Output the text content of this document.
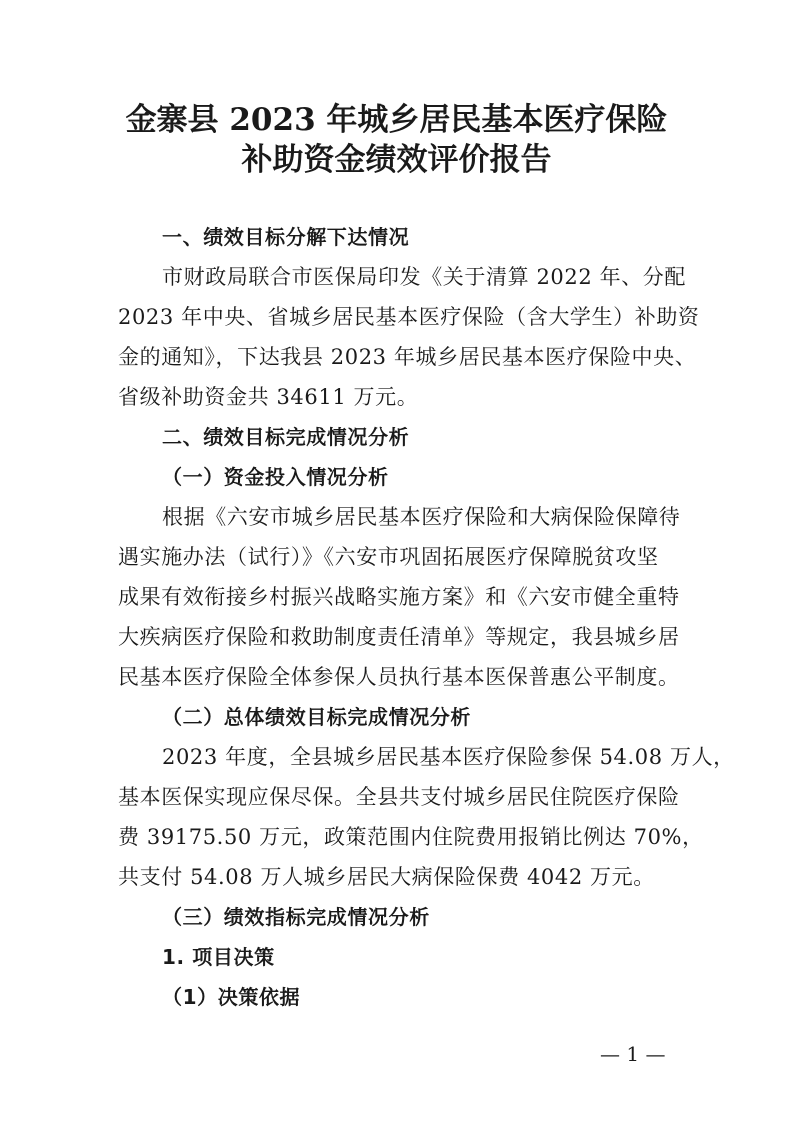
金寨县 2023 年城乡居民基本医疗保险
补助资金绩效评价报告
一、绩效目标分解下达情况
市财政局联合市医保局印发《关于清算 2022 年、分配
2023 年中央、省城乡居民基本医疗保险（含大学生）补助资
金的通知》，下达我县 2023 年城乡居民基本医疗保险中央、
省级补助资金共 34611 万元。
二、绩效目标完成情况分析
（一）资金投入情况分析
根据《六安市城乡居民基本医疗保险和大病保险保障待
遇实施办法（试行）》《六安市巩固拓展医疗保障脱贫攻坚
成果有效衔接乡村振兴战略实施方案》和《六安市健全重特
大疾病医疗保险和救助制度责任清单》等规定，我县城乡居
民基本医疗保险全体参保人员执行基本医保普惠公平制度。
（二）总体绩效目标完成情况分析
2023 年度，全县城乡居民基本医疗保险参保 54.08 万人，
基本医保实现应保尽保。全县共支付城乡居民住院医疗保险
费 39175.50 万元，政策范围内住院费用报销比例达 70%，
共支付 54.08 万人城乡居民大病保险保费 4042 万元。
（三）绩效指标完成情况分析
1. 项目决策
（1）决策依据
— 1 —
